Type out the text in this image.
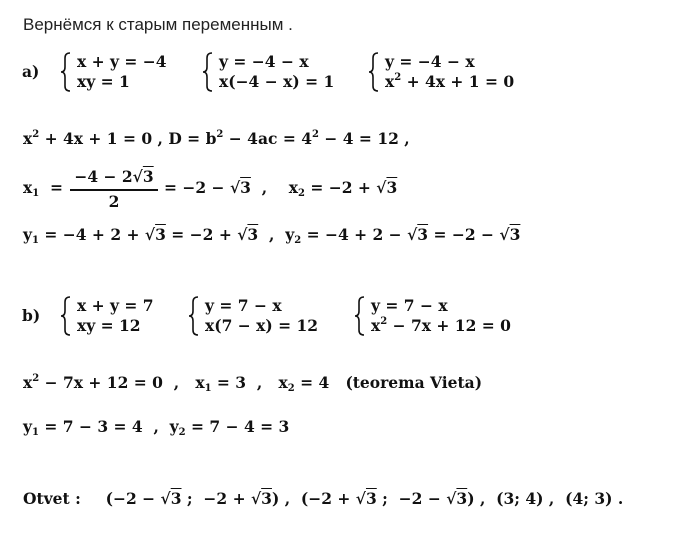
Вернёмся к старым переменным .
a)
x + y = −4
xy = 1
y = −4 − x
x(−4 − x) = 1
y = −4 − x
$x^2 + 4x + 1 = 0$
$x^2 + 4x + 1 = 0$ , $D = b^2 - 4ac = 4^2 - 4 = 12$ ,
$x_1$ =
−4 − 2√3
2
= −2 − √3  ,    $x_2 = -2 + √3$
$y_1 = -4 + 2 + √3 = -2 + √3$  ,  $y_2 = -4 + 2 - √3 = -2 - √3$
b)
x + y = 7
xy = 12
y = 7 − x
x(7 − x) = 12
y = 7 − x
$x^2 - 7x + 12 = 0$
$x^2 - 7x + 12 = 0$  ,   $x_1 = 3$  ,   $x_2 = 4$   (teorema Vieta)
$y_1 = 7 - 3 = 4$  ,  $y_2 = 7 - 4 = 3$
Otvet : (−2 − √3 ;  −2 + √3) ,  (−2 + √3 ;  −2 − √3) ,  (3; 4) ,  (4; 3) .
